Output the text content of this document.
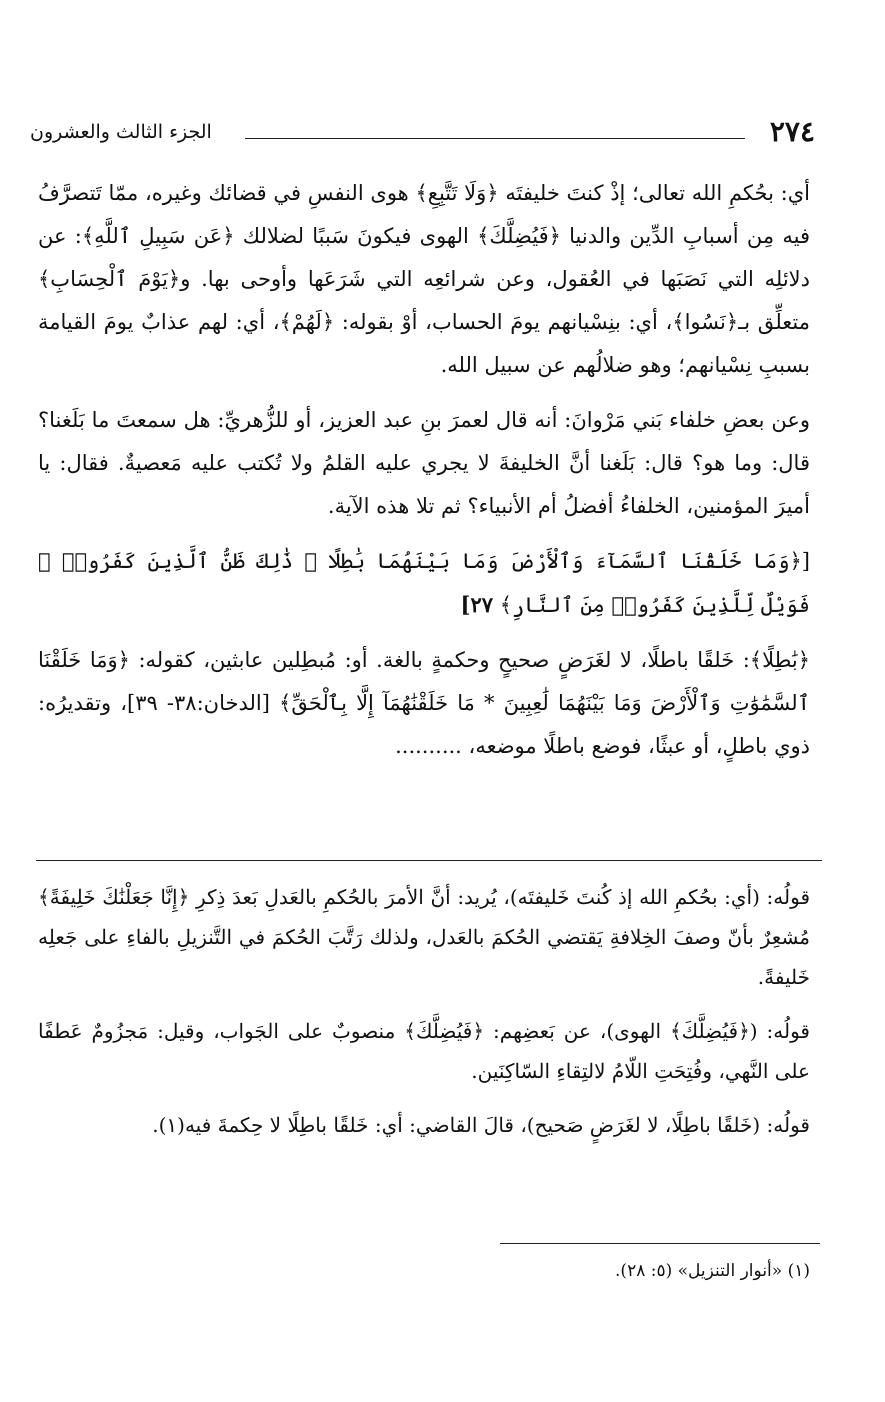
٢٧٤
الجزء الثالث والعشرون

أي: بحُكمِ الله تعالى؛ إذْ كنتَ خليفتَه ﴿وَلَا تَتَّبِعِ﴾ هوى النفسِ في قضائك وغيره، ممّا تَتصرَّفُ فيه مِن أسبابِ الدِّين والدنيا ﴿فَيُضِلَّكَ﴾ الهوى فيكونَ سَببًا لضلالك ﴿عَن سَبِيلِ ٱللَّهِ﴾: عن دلائلِه التي نَصَبَها في العُقول، وعن شرائعِه التي شَرَعَها وأوحى بها. و﴿يَوْمَ ٱلْحِسَابِ﴾ متعلِّق بـ﴿نَسُوا﴾، أي: بنِسْيانهم يومَ الحساب، أوْ بقوله: ﴿لَهُمْ﴾، أي: لهم عذابٌ يومَ القيامة بسببِ نِسْيانهم؛ وهو ضلالُهم عن سبيل الله.

وعن بعضِ خلفاء بَني مَرْوانَ: أنه قال لعمرَ بنِ عبد العزيز، أو للزُّهريِّ: هل سمعتَ ما بَلَغنا؟ قال: وما هو؟ قال: بَلَغنا أنَّ الخليفةَ لا يجري عليه القلمُ ولا تُكتب عليه مَعصيةٌ. فقال: يا أميرَ المؤمنين، الخلفاءُ أفضلُ أم الأنبياء؟ ثم تلا هذه الآية.

[﴿وَمَا خَلَقْنَا ٱلسَّمَآءَ وَٱلْأَرْضَ وَمَا بَيْنَهُمَا بَٰطِلًا ۚ ذَٰلِكَ ظَنُّ ٱلَّذِينَ كَفَرُوا۟ ۚ فَوَيْلٌ لِّلَّذِينَ كَفَرُوا۟ مِنَ ٱلنَّارِ﴾ ٢٧]

﴿بَٰطِلًا﴾: خَلقًا باطلًا، لا لغَرَضٍ صحيحٍ وحكمةٍ بالغة. أو: مُبطِلين عابثين، كقوله: ﴿وَمَا خَلَقْنَا ٱلسَّمَٰوَٰتِ وَٱلْأَرْضَ وَمَا بَيْنَهُمَا لَٰعِبِينَ * مَا خَلَقْنَٰهُمَآ إِلَّا بِٱلْحَقِّ﴾ [الدخان:٣٨- ٣٩]، وتقديرُه: ذوي باطلٍ، أو عبثًا، فوضع باطلًا موضعه، ..........

قولُه: (أي: بحُكمِ الله إذ كُنتَ خَليفتَه)، يُريد: أنَّ الأمرَ بالحُكمِ بالعَدلِ بَعدَ ذِكرِ ﴿إِنَّا جَعَلْنَٰكَ خَلِيفَةً﴾ مُشعِرٌ بأنّ وصفَ الخِلافةِ يَقتضي الحُكمَ بالعَدل، ولذلك رَتَّبَ الحُكمَ في التَّنزيلِ بالفاءِ على جَعلِه خَليفةً.

قولُه: (﴿فَيُضِلَّكَ﴾ الهوى)، عن بَعضِهم: ﴿فَيُضِلَّكَ﴾ منصوبٌ على الجَواب، وقيل: مَجزُومٌ عَطفًا على النَّهي، وفُتِحَتِ اللّامُ لالتِقاءِ السّاكِنَين.

قولُه: (خَلقًا باطِلًا، لا لغَرَضٍ صَحيح)، قالَ القاضي: أي: خَلقًا باطِلًا لا حِكمةَ فيه(١).

(١) «أنوار التنزيل» (٥: ٢٨).
